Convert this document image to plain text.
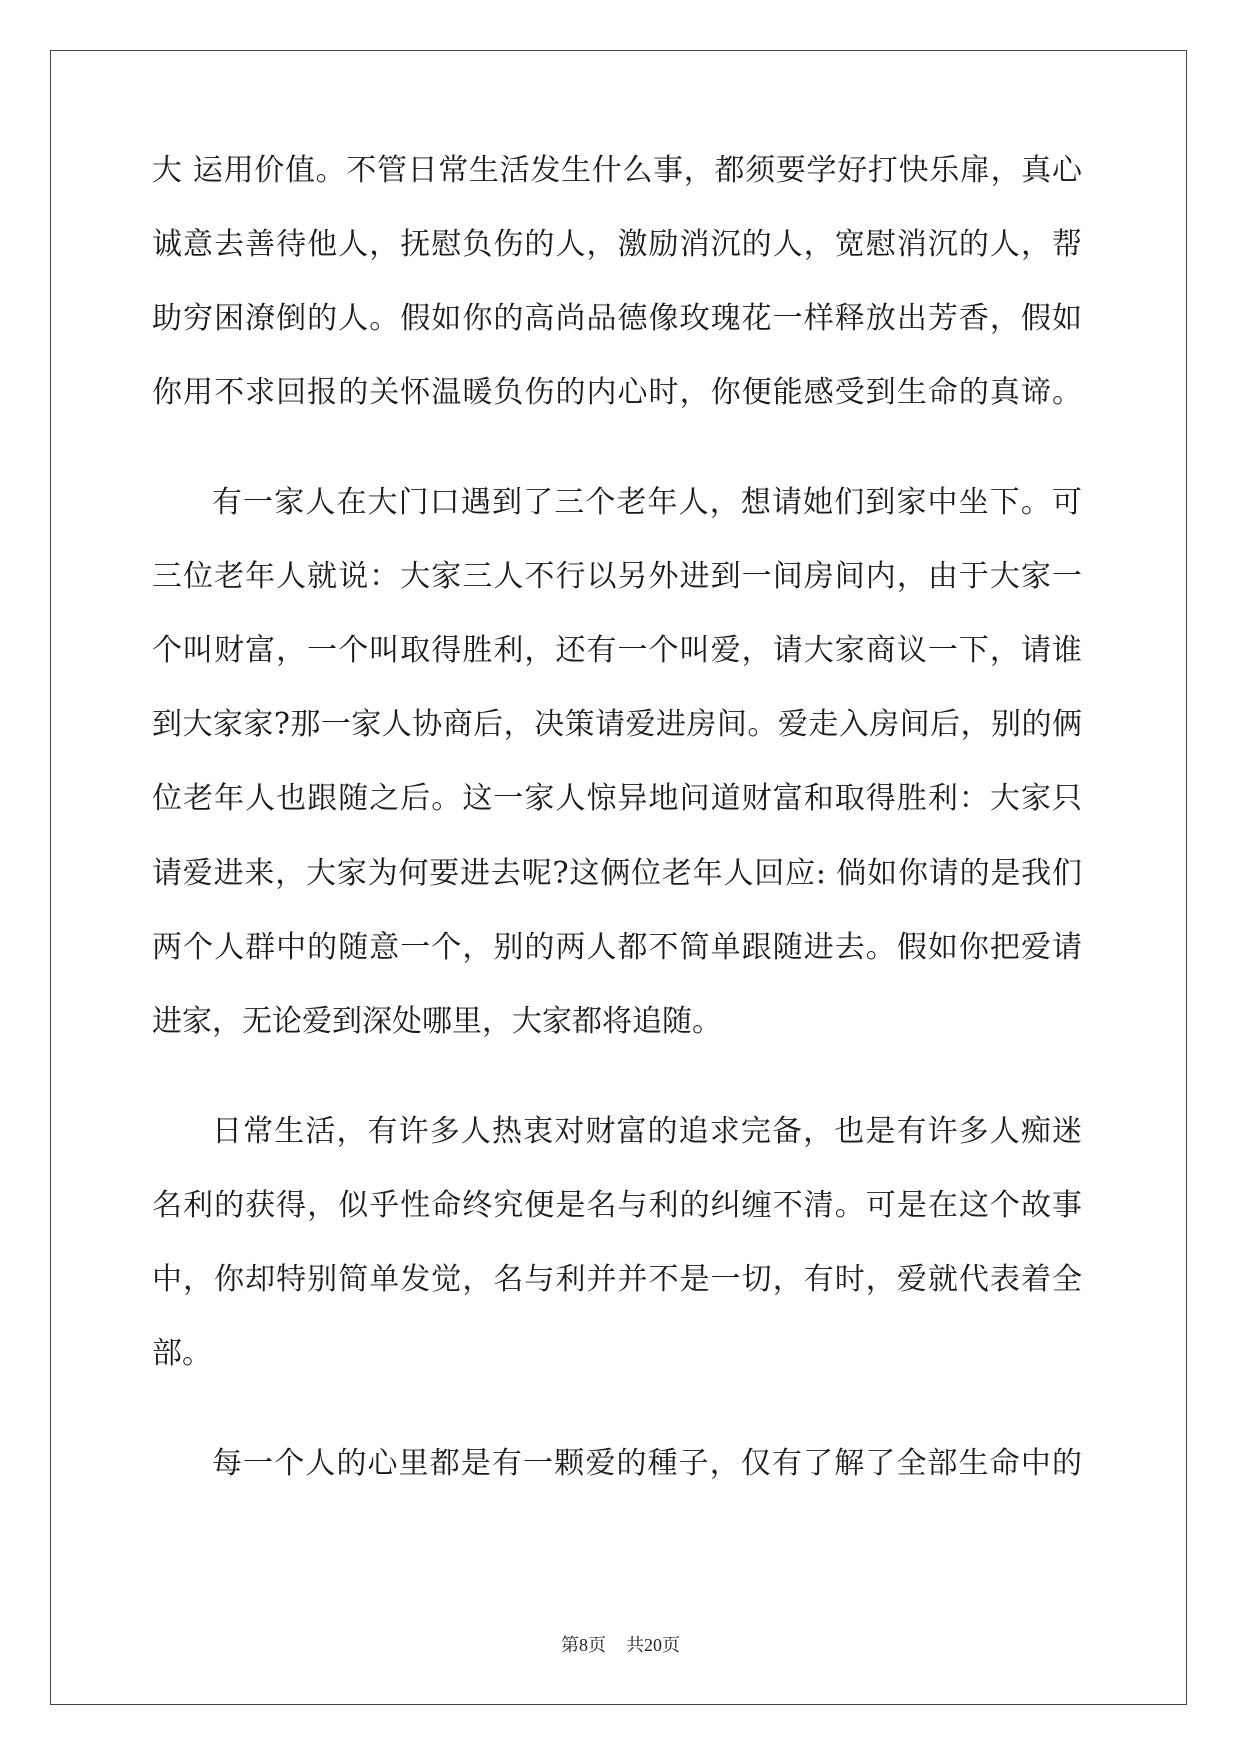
大 运用价值。不管日常生活发生什么事，都须要学好打快乐扉，真心
诚意去善待他人，抚慰负伤的人，激励消沉的人，宽慰消沉的人，帮
助穷困潦倒的人。假如你的高尚品德像玫瑰花一样释放出芳香，假如
你用不求回报的关怀温暖负伤的内心时，你便能感受到生命的真谛。
有一家人在大门口遇到了三个老年人，想请她们到家中坐下。可
三位老年人就说：大家三人不行以另外进到一间房间内，由于大家一
个叫财富，一个叫取得胜利，还有一个叫爱，请大家商议一下，请谁
到大家家?那一家人协商后，决策请爱进房间。爱走入房间后，别的俩
位老年人也跟随之后。这一家人惊异地问道财富和取得胜利：大家只
请爱进来，大家为何要进去呢?这俩位老年人回应: 倘如你请的是我们
两个人群中的随意一个，别的两人都不简单跟随进去。假如你把爱请
进家，无论爱到深处哪里，大家都将追随。
日常生活，有许多人热衷对财富的追求完备，也是有许多人痴迷
名利的获得，似乎性命终究便是名与利的纠缠不清。可是在这个故事
中，你却特别简单发觉，名与利并并不是一切，有时，爱就代表着全
部。
每一个人的心里都是有一颗爱的種子，仅有了解了全部生命中的
第8页 共20页
